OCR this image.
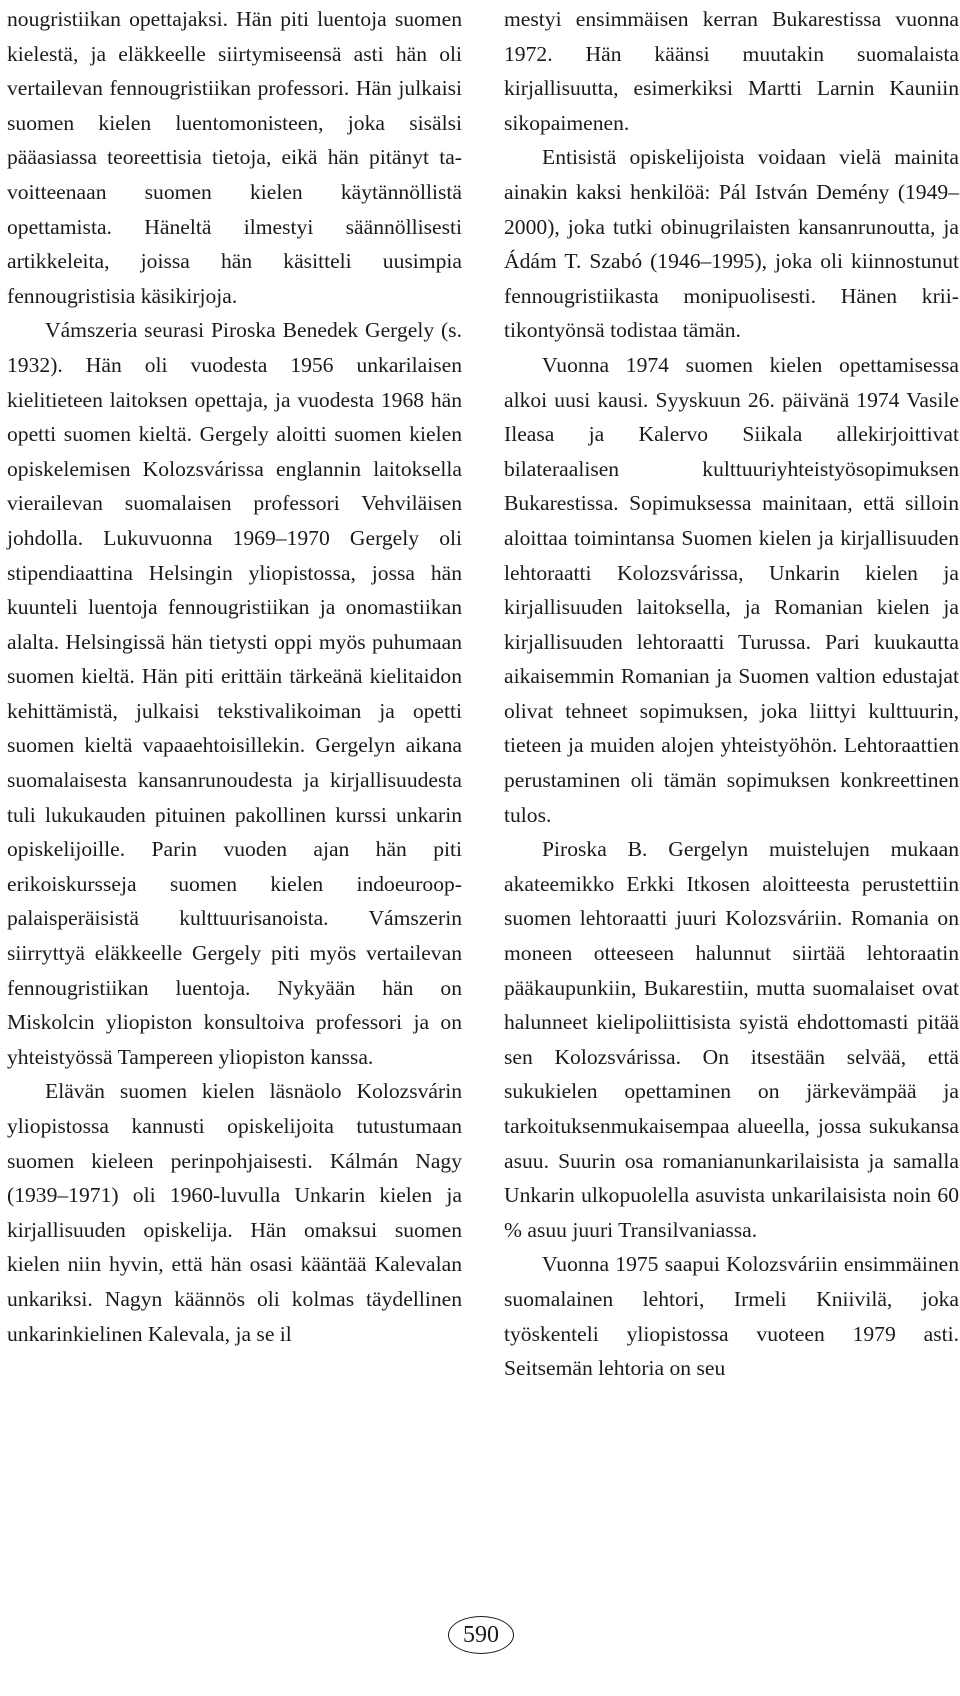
nougristiikan opettajaksi. Hän piti luentoja suomen kielestä, ja eläkkeelle siirtymiseensä asti hän oli vertailevan fennougristiikan professori. Hän julkaisi suomen kielen luentomonisteen, joka sisälsi pääasiassa teoreettisia tietoja, eikä hän pitänyt tavoitteenaan suomen kielen käytännöllistä opettamista. Häneltä ilmestyi säännöllisesti artikkeleita, joissa hän käsitteli uusimpia fennougristisia käsikirjoja.

Vámszeria seurasi Piroska Benedek Gergely (s. 1932). Hän oli vuodesta 1956 unkarilaisen kielitieteen laitoksen opettaja, ja vuodesta 1968 hän opetti suomen kieltä. Gergely aloitti suomen kielen opiskelemisen Kolozsvárissa englannin laitoksella vierailevan suomalaisen professori Vehviläisen johdolla. Lukuvuonna 1969–1970 Gergely oli stipendiaattina Helsingin yliopistossa, jossa hän kuunteli luentoja fennougristiikan ja onomastiikan alalta. Helsingissä hän tietysti oppi myös puhumaan suomen kieltä. Hän piti erittäin tärkeänä kielitaidon kehittämistä, julkaisi tekstivalikoiman ja opetti suomen kieltä vapaaehtoisillekin. Gergelyn aikana suomalaisesta kansanrunoudesta ja kirjallisuudesta tuli lukukauden pituinen pakollinen kurssi unkarin opiskelijoille. Parin vuoden ajan hän piti erikoiskursseja suomen kielen indoeurooppalaisperäisistä kulttuurisanoista. Vámszerin siirryttyä eläkkeelle Gergely piti myös vertailevan fennougristiikan luentoja. Nykyään hän on Miskolcin yliopiston konsultoiva professori ja on yhteistyössä Tampereen yliopiston kanssa.

Elävän suomen kielen läsnäolo Kolozsvárin yliopistossa kannusti opiskelijoita tutustumaan suomen kieleen perinpohjaisesti. Kálmán Nagy (1939–1971) oli 1960-luvulla Unkarin kielen ja kirjallisuuden opiskelija. Hän omaksui suomen kielen niin hyvin, että hän osasi kääntää Kalevalan unkariksi. Nagyn käännös oli kolmas täydellinen unkarinkielinen Kalevala, ja se il

mestyi ensimmäisen kerran Bukarestissa vuonna 1972. Hän käänsi muutakin suomalaista kirjallisuutta, esimerkiksi Martti Larnin Kauniin sikopaimenen.

Entisistä opiskelijoista voidaan vielä mainita ainakin kaksi henkilöä: Pál István Demény (1949–2000), joka tutki obinugrilaisten kansanrunoutta, ja Ádám T. Szabó (1946–1995), joka oli kiinnostunut fennougristiikasta monipuolisesti. Hänen kriitikontyönsä todistaa tämän.

Vuonna 1974 suomen kielen opettamisessa alkoi uusi kausi. Syyskuun 26. päivänä 1974 Vasile Ileasa ja Kalervo Siikala allekirjoittivat bilateraalisen kulttuuriyhteistyösopimuksen Bukarestissa. Sopimuksessa mainitaan, että silloin aloittaa toimintansa Suomen kielen ja kirjallisuuden lehtoraatti Kolozsvárissa, Unkarin kielen ja kirjallisuuden laitoksella, ja Romanian kielen ja kirjallisuuden lehtoraatti Turussa. Pari kuukautta aikaisemmin Romanian ja Suomen valtion edustajat olivat tehneet sopimuksen, joka liittyi kulttuurin, tieteen ja muiden alojen yhteistyöhön. Lehtoraattien perustaminen oli tämän sopimuksen konkreettinen tulos.

Piroska B. Gergelyn muistelujen mukaan akateemikko Erkki Itkosen aloitteesta perustettiin suomen lehtoraatti juuri Kolozsváriin. Romania on moneen otteeseen halunnut siirtää lehtoraatin pääkaupunkiin, Bukarestiin, mutta suomalaiset ovat halunneet kielipoliittisista syistä ehdottomasti pitää sen Kolozsvárissa. On itsestään selvää, että sukukielen opettaminen on järkevämpää ja tarkoituksenmukaisempaa alueella, jossa sukukansa asuu. Suurin osa romanianunkarilaisista ja samalla Unkarin ulkopuolella asuvista unkarilaisista noin 60 % asuu juuri Transilvaniassa.

Vuonna 1975 saapui Kolozsváriin ensimmäinen suomalainen lehtori, Irmeli Kniivilä, joka työskenteli yliopistossa vuoteen 1979 asti. Seitsemän lehtoria on seu

590
